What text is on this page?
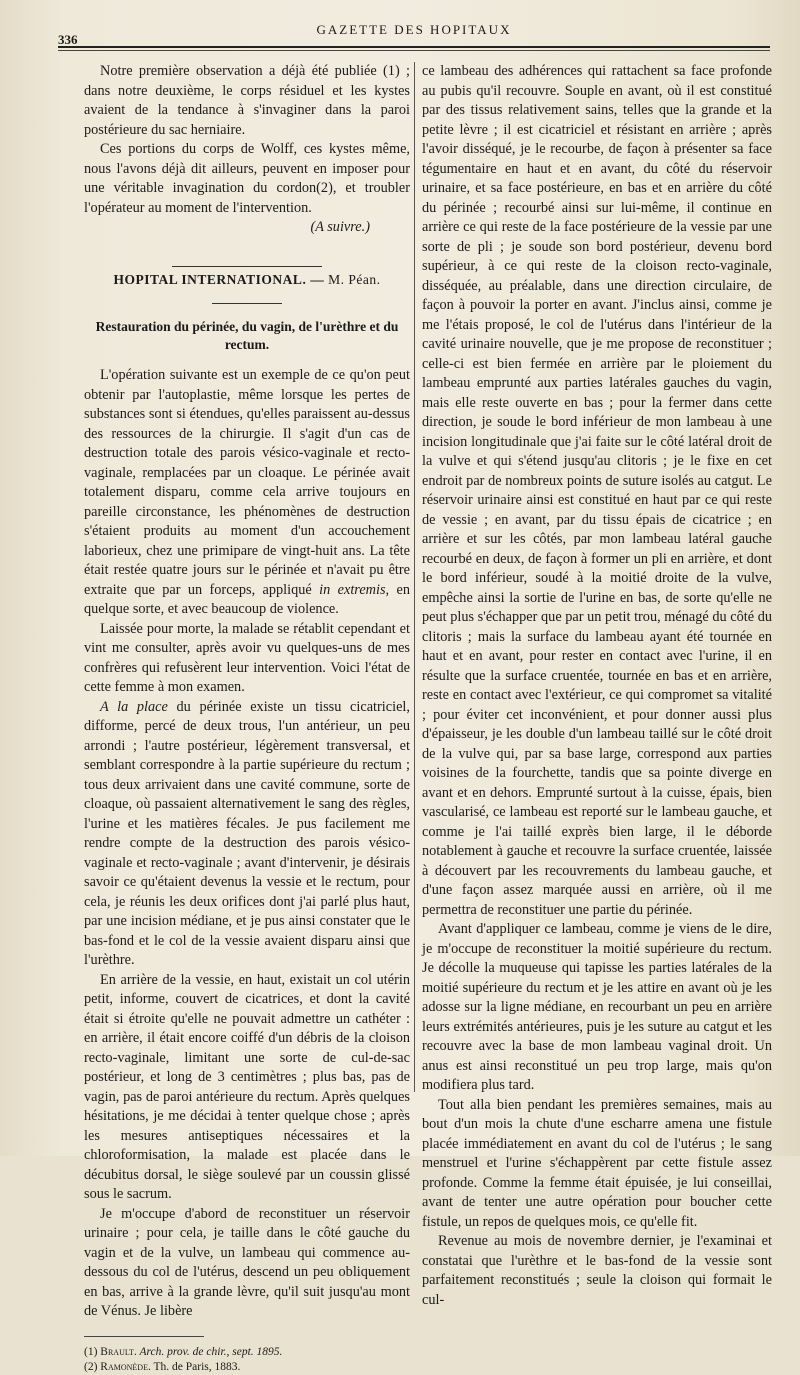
336
GAZETTE DES HOPITAUX

Notre première observation a déjà été publiée (1) ; dans notre deuxième, le corps résiduel et les kystes avaient de la tendance à s'invaginer dans la paroi postérieure du sac herniaire.

Ces portions du corps de Wolff, ces kystes même, nous l'avons déjà dit ailleurs, peuvent en imposer pour une véritable invagination du cordon(2), et troubler l'opérateur au moment de l'intervention.

(A suivre.)
HOPITAL INTERNATIONAL. — M. Péan.
Restauration du périnée, du vagin, de l'urèthre et du rectum.

L'opération suivante est un exemple de ce qu'on peut obtenir par l'autoplastie, même lorsque les pertes de substances sont si étendues, qu'elles paraissent au-dessus des ressources de la chirurgie. Il s'agit d'un cas de destruction totale des parois vésico-vaginale et recto-vaginale, remplacées par un cloaque. Le périnée avait totalement disparu, comme cela arrive toujours en pareille circonstance, les phénomènes de destruction s'étaient produits au moment d'un accouchement laborieux, chez une primipare de vingt-huit ans. La tête était restée quatre jours sur le périnée et n'avait pu être extraite que par un forceps, appliqué in extremis, en quelque sorte, et avec beaucoup de violence.

Laissée pour morte, la malade se rétablit cependant et vint me consulter, après avoir vu quelques-uns de mes confrères qui refusèrent leur intervention. Voici l'état de cette femme à mon examen.

A la place du périnée existe un tissu cicatriciel, difforme, percé de deux trous, l'un antérieur, un peu arrondi ; l'autre postérieur, légèrement transversal, et semblant correspondre à la partie supérieure du rectum ; tous deux arrivaient dans une cavité commune, sorte de cloaque, où passaient alternativement le sang des règles, l'urine et les matières fécales. Je pus facilement me rendre compte de la destruction des parois vésico-vaginale et recto-vaginale ; avant d'intervenir, je désirais savoir ce qu'étaient devenus la vessie et le rectum, pour cela, je réunis les deux orifices dont j'ai parlé plus haut, par une incision médiane, et je pus ainsi constater que le bas-fond et le col de la vessie avaient disparu ainsi que l'urèthre.

En arrière de la vessie, en haut, existait un col utérin petit, informe, couvert de cicatrices, et dont la cavité était si étroite qu'elle ne pouvait admettre un cathéter : en arrière, il était encore coiffé d'un débris de la cloison recto-vaginale, limitant une sorte de cul-de-sac postérieur, et long de 3 centimètres ; plus bas, pas de vagin, pas de paroi antérieure du rectum. Après quelques hésitations, je me décidai à tenter quelque chose ; après les mesures antiseptiques nécessaires et la chloroformisation, la malade est placée dans le décubitus dorsal, le siège soulevé par un coussin glissé sous le sacrum.

Je m'occupe d'abord de reconstituer un réservoir urinaire ; pour cela, je taille dans le côté gauche du vagin et de la vulve, un lambeau qui commence au-dessous du col de l'utérus, descend un peu obliquement en bas, arrive à la grande lèvre, qu'il suit jusqu'au mont de Vénus. Je libère

(1) Brault. Arch. prov. de chir., sept. 1895.
(2) Ramonède. Th. de Paris, 1883.

ce lambeau des adhérences qui rattachent sa face profonde au pubis qu'il recouvre. Souple en avant, où il est constitué par des tissus relativement sains, telles que la grande et la petite lèvre ; il est cicatriciel et résistant en arrière ; après l'avoir disséqué, je le recourbe, de façon à présenter sa face tégumentaire en haut et en avant, du côté du réservoir urinaire, et sa face postérieure, en bas et en arrière du côté du périnée ; recourbé ainsi sur lui-même, il continue en arrière ce qui reste de la face postérieure de la vessie par une sorte de pli ; je soude son bord postérieur, devenu bord supérieur, à ce qui reste de la cloison recto-vaginale, disséquée, au préalable, dans une direction circulaire, de façon à pouvoir la porter en avant. J'inclus ainsi, comme je me l'étais proposé, le col de l'utérus dans l'intérieur de la cavité urinaire nouvelle, que je me propose de reconstituer ; celle-ci est bien fermée en arrière par le ploiement du lambeau emprunté aux parties latérales gauches du vagin, mais elle reste ouverte en bas ; pour la fermer dans cette direction, je soude le bord inférieur de mon lambeau à une incision longitudinale que j'ai faite sur le côté latéral droit de la vulve et qui s'étend jusqu'au clitoris ; je le fixe en cet endroit par de nombreux points de suture isolés au catgut. Le réservoir urinaire ainsi est constitué en haut par ce qui reste de vessie ; en avant, par du tissu épais de cicatrice ; en arrière et sur les côtés, par mon lambeau latéral gauche recourbé en deux, de façon à former un pli en arrière, et dont le bord inférieur, soudé à la moitié droite de la vulve, empêche ainsi la sortie de l'urine en bas, de sorte qu'elle ne peut plus s'échapper que par un petit trou, ménagé du côté du clitoris ; mais la surface du lambeau ayant été tournée en haut et en avant, pour rester en contact avec l'urine, il en résulte que la surface cruentée, tournée en bas et en arrière, reste en contact avec l'extérieur, ce qui compromet sa vitalité ; pour éviter cet inconvénient, et pour donner aussi plus d'épaisseur, je les double d'un lambeau taillé sur le côté droit de la vulve qui, par sa base large, correspond aux parties voisines de la fourchette, tandis que sa pointe diverge en avant et en dehors. Emprunté surtout à la cuisse, épais, bien vascularisé, ce lambeau est reporté sur le lambeau gauche, et comme je l'ai taillé exprès bien large, il le déborde notablement à gauche et recouvre la surface cruentée, laissée à découvert par les recouvrements du lambeau gauche, et d'une façon assez marquée aussi en arrière, où il me permettra de reconstituer une partie du périnée.

Avant d'appliquer ce lambeau, comme je viens de le dire, je m'occupe de reconstituer la moitié supérieure du rectum. Je décolle la muqueuse qui tapisse les parties latérales de la moitié supérieure du rectum et je les attire en avant où je les adosse sur la ligne médiane, en recourbant un peu en arrière leurs extrémités antérieures, puis je les suture au catgut et les recouvre avec la base de mon lambeau vaginal droit. Un anus est ainsi reconstitué un peu trop large, mais qu'on modifiera plus tard.

Tout alla bien pendant les premières semaines, mais au bout d'un mois la chute d'une escharre amena une fistule placée immédiatement en avant du col de l'utérus ; le sang menstruel et l'urine s'échappèrent par cette fistule assez profonde. Comme la femme était épuisée, je lui conseillai, avant de tenter une autre opération pour boucher cette fistule, un repos de quelques mois, ce qu'elle fit.

Revenue au mois de novembre dernier, je l'examinai et constatai que l'urèthre et le bas-fond de la vessie sont parfaitement reconstitués ; seule la cloison qui formait le cul-
